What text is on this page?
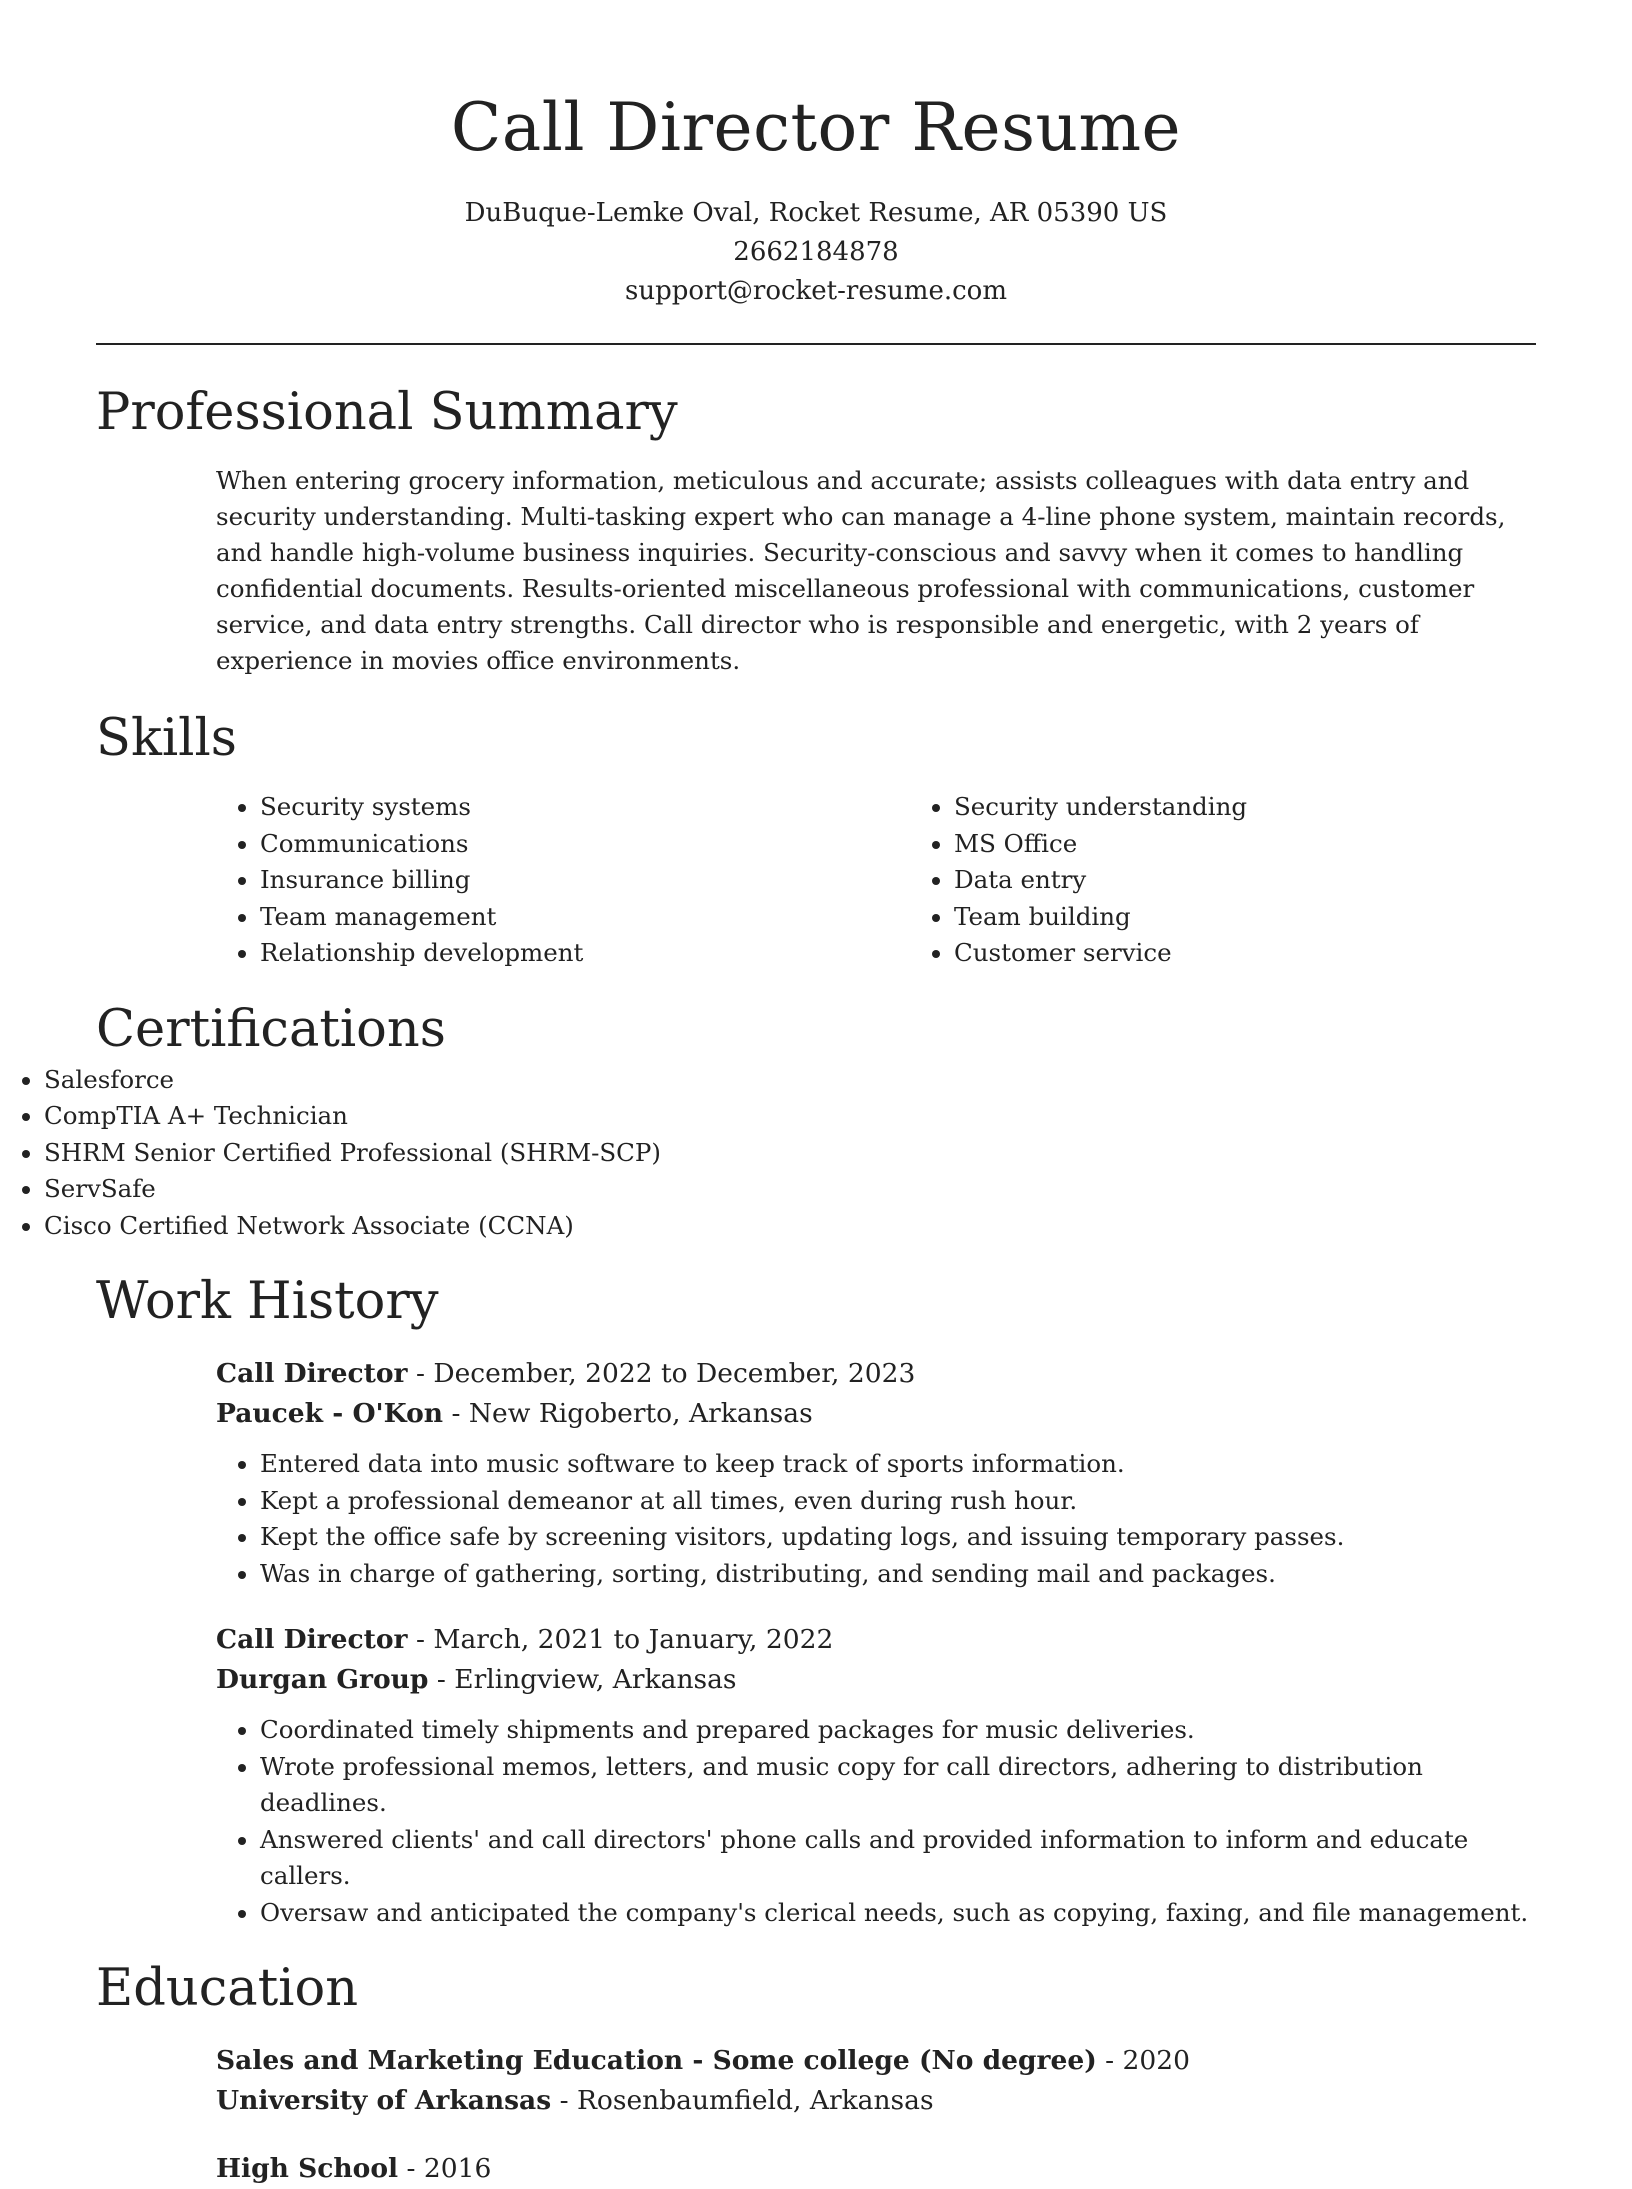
Call Director Resume
DuBuque-Lemke Oval, Rocket Resume, AR 05390 US
2662184878
support@rocket-resume.com
Professional Summary

When entering grocery information, meticulous and accurate; assists colleagues with data entry and security understanding. Multi-tasking expert who can manage a 4-line phone system, maintain records, and handle high-volume business inquiries. Security-conscious and savvy when it comes to handling confidential documents. Results-oriented miscellaneous professional with communications, customer service, and data entry strengths. Call director who is responsible and energetic, with 2 years of experience in movies office environments.

Skills
• Security systems
• Communications
• Insurance billing
• Team management
• Relationship development
• Security understanding
• MS Office
• Data entry
• Team building
• Customer service
Certifications
• Salesforce
• CompTIA A+ Technician
• SHRM Senior Certified Professional (SHRM-SCP)
• ServSafe
• Cisco Certified Network Associate (CCNA)
Work History
Call Director - December, 2022 to December, 2023
Paucek - O'Kon - New Rigoberto, Arkansas
• Entered data into music software to keep track of sports information.
• Kept a professional demeanor at all times, even during rush hour.
• Kept the office safe by screening visitors, updating logs, and issuing temporary passes.
• Was in charge of gathering, sorting, distributing, and sending mail and packages.
Call Director - March, 2021 to January, 2022
Durgan Group - Erlingview, Arkansas
• Coordinated timely shipments and prepared packages for music deliveries.
• Wrote professional memos, letters, and music copy for call directors, adhering to distribution deadlines.
• Answered clients' and call directors' phone calls and provided information to inform and educate callers.
• Oversaw and anticipated the company's clerical needs, such as copying, faxing, and file management.
Education
Sales and Marketing Education - Some college (No degree) - 2020
University of Arkansas - Rosenbaumfield, Arkansas
High School - 2016
